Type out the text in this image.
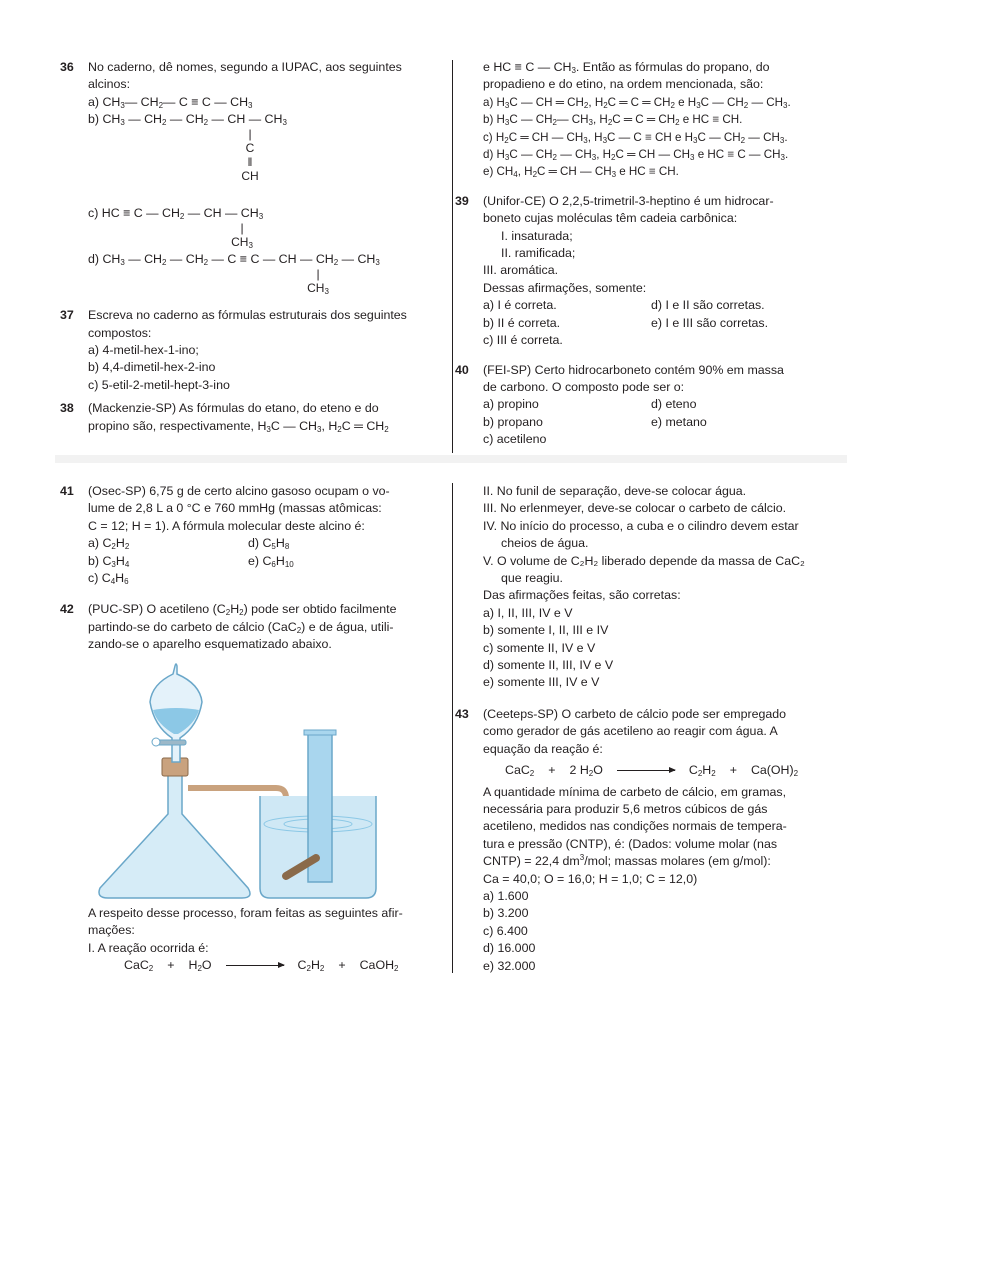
36 No caderno, dê nomes, segundo a IUPAC, aos seguintes
alcinos:
a) $CH_3—$ $CH_2—$ C ≡ C — $CH_3$
b) $CH_3$ — $CH_2$ — $CH_2$ — CH — $CH_3$
|
C
‖
CH
c) HC ≡ C — $CH_2$ — CH — $CH_3$
|
$CH_3$
d) $CH_3$ — $CH_2$ — $CH_2$ — C ≡ C — CH — $CH_2$ — $CH_3$
|
$CH_3$
37 Escreva no caderno as fórmulas estruturais dos seguintes
compostos:
a) 4-metil-hex-1-ino;
b) 4,4-dimetil-hex-2-ino
c) 5-etil-2-metil-hept-3-ino
38 (Mackenzie-SP) As fórmulas do etano, do eteno e do
propino são, respectivamente, $H_3C$ — $CH_3$, $H_2C$ ═ $CH_2$
e HC ≡ C — $CH_3$. Então as fórmulas do propano, do
propadieno e do etino, na ordem mencionada, são:
a) $H_3C$ — CH ═ $CH_2$, $H_2C$ ═ C ═ $CH_2$ e $H_3C$ — $CH_2$ — $CH_3$.
b) $H_3C$ — $CH_2—$ $CH_3$, $H_2C$ ═ C ═ $CH_2$ e HC ≡ CH.
c) $H_2C$ ═ CH — $CH_3$, $H_3C$ — C ≡ CH e $H_3C$ — $CH_2$ — $CH_3$.
d) $H_3C$ — $CH_2$ — $CH_3$, $H_2C$ ═ CH — $CH_3$ e HC ≡ C — $CH_3$.
e) $CH_4$, $H_2C$ ═ CH — $CH_3$ e HC ≡ CH.
39 (Unifor-CE) O 2,2,5-trimetril-3-heptino é um hidrocar-
boneto cujas moléculas têm cadeia carbônica:
I. insaturada;
II. ramificada;
III. aromática.
Dessas afirmações, somente:
a) I é correta.	d) I e II são corretas.
b) II é correta.	e) I e III são corretas.
c) III é correta.
40 (FEI-SP) Certo hidrocarboneto contém 90% em massa
de carbono. O composto pode ser o:
a) propino	d) eteno
b) propano	e) metano
c) acetileno
41 (Osec-SP) 6,75 g de certo alcino gasoso ocupam o vo-
lume de 2,8 L a 0 °C e 760 mmHg (massas atômicas:
C = 12; H = 1). A fórmula molecular deste alcino é:
a) $C_2H_2$	d) $C_5H_8$
b) $C_3H_4$	e) $C_6H_{10}$
c) $C_4H_6$
42 (PUC-SP) O acetileno $(C_2H_2)$ pode ser obtido facilmente
partindo-se do carbeto de cálcio (CaC$_2$) e de água, utili-
zando-se o aparelho esquematizado abaixo.
A respeito desse processo, foram feitas as seguintes afir-
mações:
I. A reação ocorrida é:
$CaC_2 + H_2O$	$C_2H_2$ + CaOH$_2$
II. No funil de separação, deve-se colocar água.
III. No erlenmeyer, deve-se colocar o carbeto de cálcio.
IV. No início do processo, a cuba e o cilindro devem estar
cheios de água.
V. O volume de C₂H₂ liberado depende da massa de CaC₂
que reagiu.
Das afirmações feitas, são corretas:
a) I, II, III, IV e V
b) somente I, II, III e IV
c) somente II, IV e V
d) somente II, III, IV e V
e) somente III, IV e V
43 (Ceeteps-SP) O carbeto de cálcio pode ser empregado
como gerador de gás acetileno ao reagir com água. A
equação da reação é:
CaC$_2$ + 2 $H_2O$	$C_2H_2 + Ca(OH)_2$
A quantidade mínima de carbeto de cálcio, em gramas,
necessária para produzir 5,6 metros cúbicos de gás
acetileno, medidos nas condições normais de tempera-
tura e pressão (CNTP), é: (Dados: volume molar (nas
CNTP) = 22,4 $dm^3$/mol; massas molares (em g/mol):
Ca = 40,0; O = 16,0; H = 1,0; C = 12,0)
a) 1.600
b) 3.200
c) 6.400
d) 16.000
e) 32.000
